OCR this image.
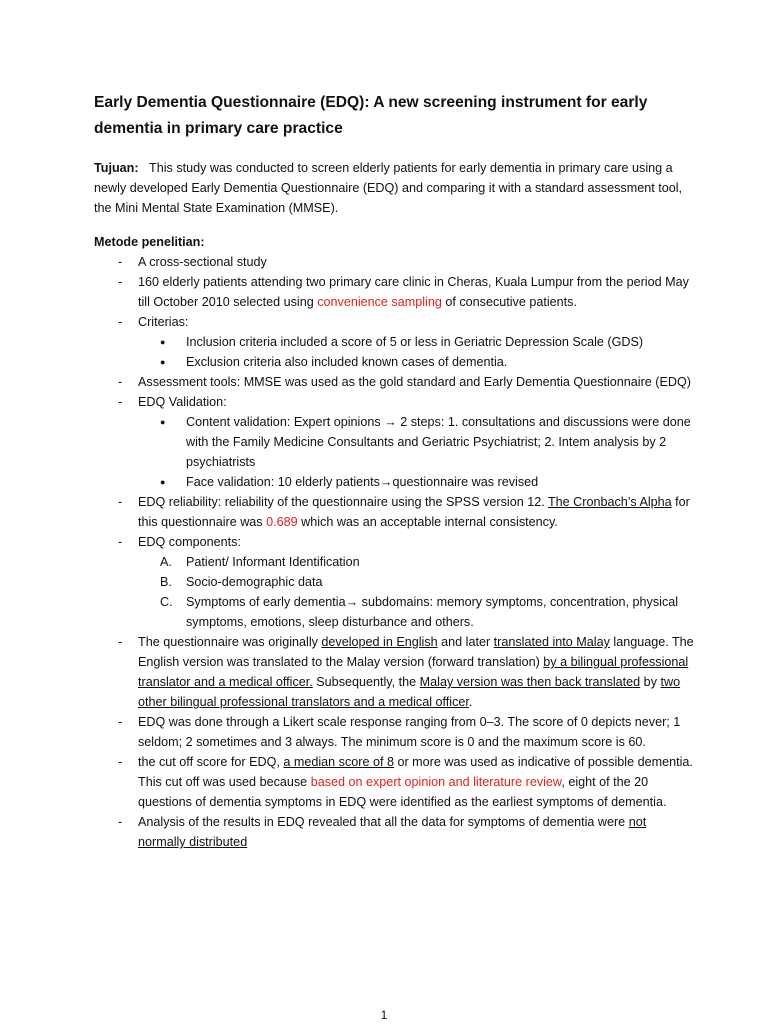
Early Dementia Questionnaire (EDQ): A new screening instrument for early dementia in primary care practice
Tujuan: This study was conducted to screen elderly patients for early dementia in primary care using a newly developed Early Dementia Questionnaire (EDQ) and comparing it with a standard assessment tool, the Mini Mental State Examination (MMSE).
Metode penelitian:
- A cross-sectional study
- 160 elderly patients attending two primary care clinic in Cheras, Kuala Lumpur from the period May till October 2010 selected using convenience sampling of consecutive patients.
- Criterias:
● Inclusion criteria included a score of 5 or less in Geriatric Depression Scale (GDS)
● Exclusion criteria also included known cases of dementia.
- Assessment tools: MMSE was used as the gold standard and Early Dementia Questionnaire (EDQ)
- EDQ Validation:
● Content validation: Expert opinions → 2 steps: 1. consultations and discussions were done with the Family Medicine Consultants and Geriatric Psychiatrist; 2. Intem analysis by 2 psychiatrists
● Face validation: 10 elderly patients→questionnaire was revised
- EDQ reliability: reliability of the questionnaire using the SPSS version 12. The Cronbach’s Alpha for this questionnaire was 0.689 which was an acceptable internal consistency.
- EDQ components:
A. Patient/ Informant Identification
B. Socio-demographic data
C. Symptoms of early dementia→ subdomains: memory symptoms, concentration, physical symptoms, emotions, sleep disturbance and others.
- The questionnaire was originally developed in English and later translated into Malay language. The English version was translated to the Malay version (forward translation) by a bilingual professional translator and a medical officer. Subsequently, the Malay version was then back translated by two other bilingual professional translators and a medical officer.
- EDQ was done through a Likert scale response ranging from 0–3. The score of 0 depicts never; 1 seldom; 2 sometimes and 3 always. The minimum score is 0 and the maximum score is 60.
- the cut off score for EDQ, a median score of 8 or more was used as indicative of possible dementia. This cut off was used because based on expert opinion and literature review, eight of the 20 questions of dementia symptoms in EDQ were identified as the earliest symptoms of dementia.
- Analysis of the results in EDQ revealed that all the data for symptoms of dementia were not normally distributed
1
